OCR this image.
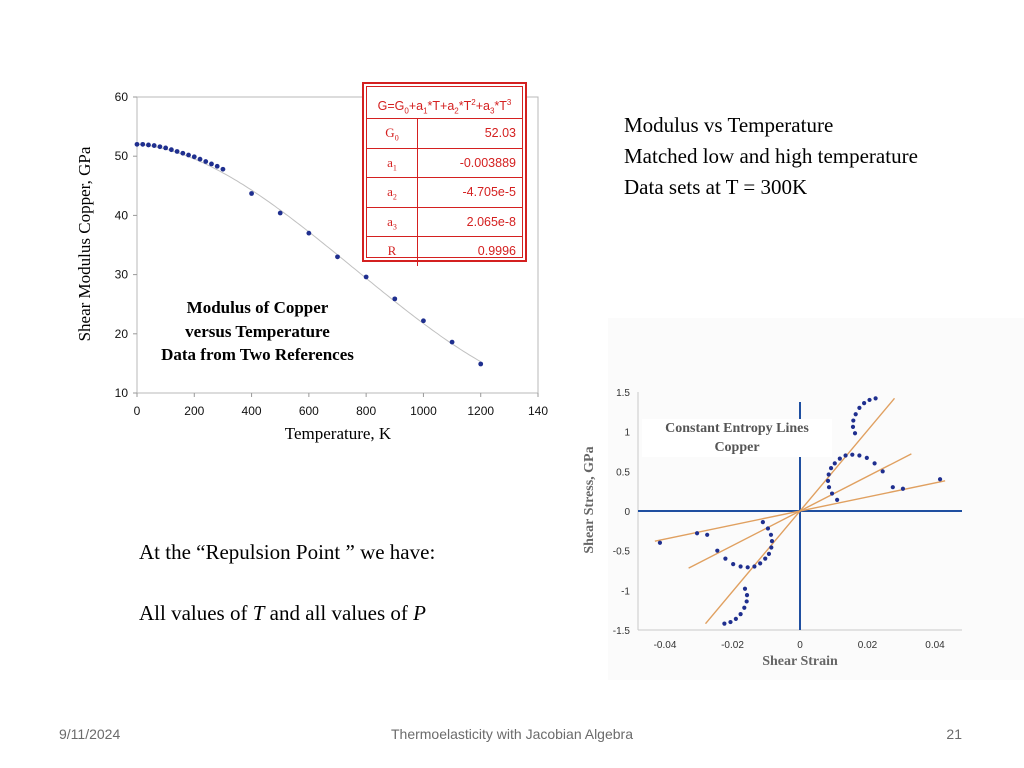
10
20
30
40
50
60
0	200	400	600	800	1000	1200	140
Shear Modulus Copper, GPa
Temperature, K
Modulus of Copper
versus Temperature
Data from Two References
$G=G_0+a_1*T+a_2*T^2+a_3*T^3$
$G_0$	52.03
$a_1$	-0.003889
$a_2$	-4.705e-5
$a_3$	2.065e-8
R	0.9996
Modulus vs Temperature
Matched low and high temperature
Data sets at T = 300K
At the “Repulsion Point ” we have:
All values of T and all values of P
-1.5
-1
-0.5
0
0.5
1
1.5
-0.04	-0.02	0	0.02	0.04
Shear Stress, GPa
Shear Strain
Constant Entropy Lines
Copper
9/11/2024	Thermoelasticity with Jacobian Algebra	21
